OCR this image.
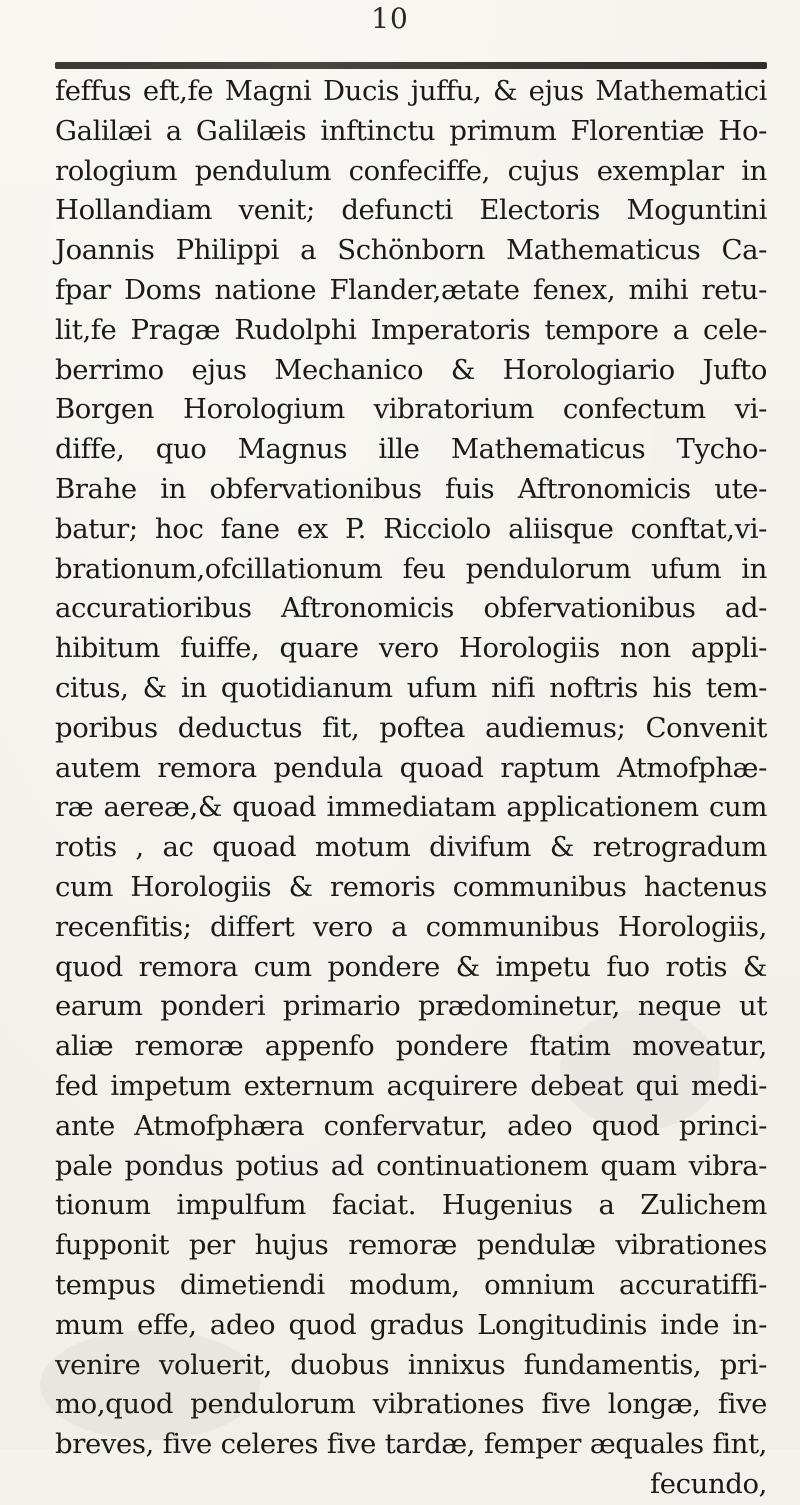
10
feffus eft,fe Magni Ducis juffu, & ejus Mathematici
Galilæi a Galilæis inftinctu primum Florentiæ Ho-
rologium pendulum confeciffe, cujus exemplar in
Hollandiam venit; defuncti Electoris Moguntini
Joannis Philippi a Schönborn Mathematicus Ca-
fpar Doms natione Flander,ætate fenex, mihi retu-
lit,fe Pragæ Rudolphi Imperatoris tempore a cele-
berrimo ejus Mechanico & Horologiario Jufto
Borgen Horologium vibratorium confectum vi-
diffe, quo Magnus ille Mathematicus Tycho-
Brahe in obfervationibus fuis Aftronomicis ute-
batur; hoc fane ex P. Ricciolo aliisque conftat,vi-
brationum,ofcillationum feu pendulorum ufum in
accuratioribus Aftronomicis obfervationibus ad-
hibitum fuiffe, quare vero Horologiis non appli-
citus, & in quotidianum ufum nifi noftris his tem-
poribus deductus fit, poftea audiemus; Convenit
autem remora pendula quoad raptum Atmofphæ-
ræ aereæ,& quoad immediatam applicationem cum
rotis , ac quoad motum divifum & retrogradum
cum Horologiis & remoris communibus hactenus
recenfitis; differt vero a communibus Horologiis,
quod remora cum pondere & impetu fuo rotis &
earum ponderi primario prædominetur, neque ut
aliæ remoræ appenfo pondere ftatim moveatur,
fed impetum externum acquirere debeat qui medi-
ante Atmofphæra confervatur, adeo quod princi-
pale pondus potius ad continuationem quam vibra-
tionum impulfum faciat. Hugenius a Zulichem
fupponit per hujus remoræ pendulæ vibrationes
tempus dimetiendi modum, omnium accuratiffi-
mum effe, adeo quod gradus Longitudinis inde in-
venire voluerit, duobus innixus fundamentis, pri-
mo,quod pendulorum vibrationes five longæ, five
breves, five celeres five tardæ, femper æquales fint,
fecundo,
